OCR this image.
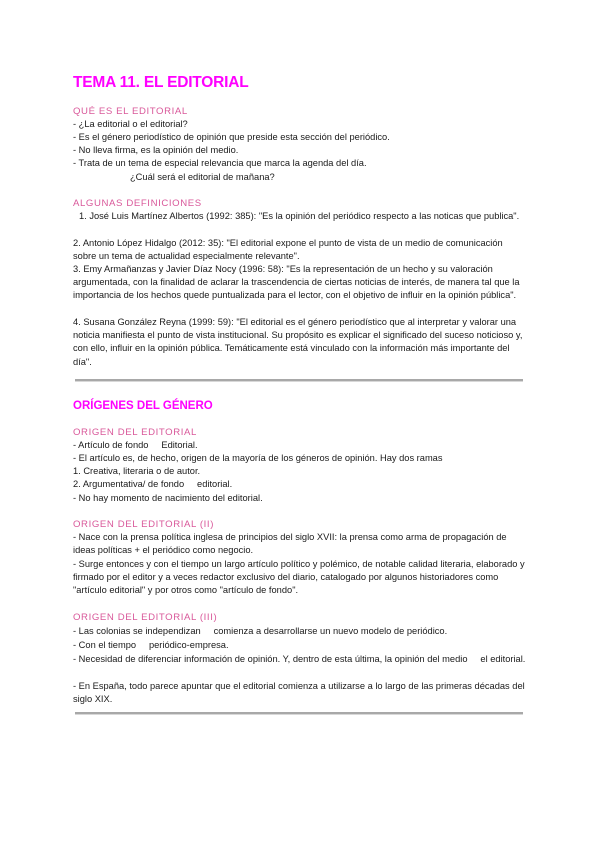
TEMA 11. EL EDITORIAL
QUÉ ES EL EDITORIAL
- ¿La editorial o el editorial?
- Es el género periodístico de opinión que preside esta sección del periódico.
- No lleva firma, es la opinión del medio.
- Trata de un tema de especial relevancia que marca la agenda del día.
¿Cuál será el editorial de mañana?
ALGUNAS DEFINICIONES
1. José Luis Martínez Albertos (1992: 385): "Es la opinión del periódico respecto a las noticas que publica".
2. Antonio López Hidalgo (2012: 35): "El editorial expone el punto de vista de un medio de comunicación sobre un tema de actualidad especialmente relevante".
3. Emy Armañanzas y Javier Díaz Nocy (1996: 58): "Es la representación de un hecho y su valoración argumentada, con la finalidad de aclarar la trascendencia de ciertas noticias de interés, de manera tal que la importancia de los hechos quede puntualizada para el lector, con el objetivo de influir en la opinión pública".
4. Susana González Reyna (1999: 59): "El editorial es el género periodístico que al interpretar y valorar una noticia manifiesta el punto de vista institucional. Su propósito es explicar el significado del suceso noticioso y, con ello, influir en la opinión pública. Temáticamente está vinculado con la información más importante del día".
ORÍGENES DEL GÉNERO
ORIGEN DEL EDITORIAL
- Artículo de fondo     Editorial.
- El artículo es, de hecho, origen de la mayoría de los géneros de opinión. Hay dos ramas
1. Creativa, literaria o de autor.
2. Argumentativa/ de fondo     editorial.
- No hay momento de nacimiento del editorial.
ORIGEN DEL EDITORIAL (II)
- Nace con la prensa política inglesa de principios del siglo XVII: la prensa como arma de propagación de ideas políticas + el periódico como negocio.
- Surge entonces y con el tiempo un largo artículo político y polémico, de notable calidad literaria, elaborado y firmado por el editor y a veces redactor exclusivo del diario, catalogado por algunos historiadores como "artículo editorial" y por otros como "artículo de fondo".
ORIGEN DEL EDITORIAL (III)
- Las colonias se independizan     comienza a desarrollarse un nuevo modelo de periódico.
- Con el tiempo     periódico-empresa.
- Necesidad de diferenciar información de opinión. Y, dentro de esta última, la opinión del medio     el editorial.
- En España, todo parece apuntar que el editorial comienza a utilizarse a lo largo de las primeras décadas del siglo XIX.
